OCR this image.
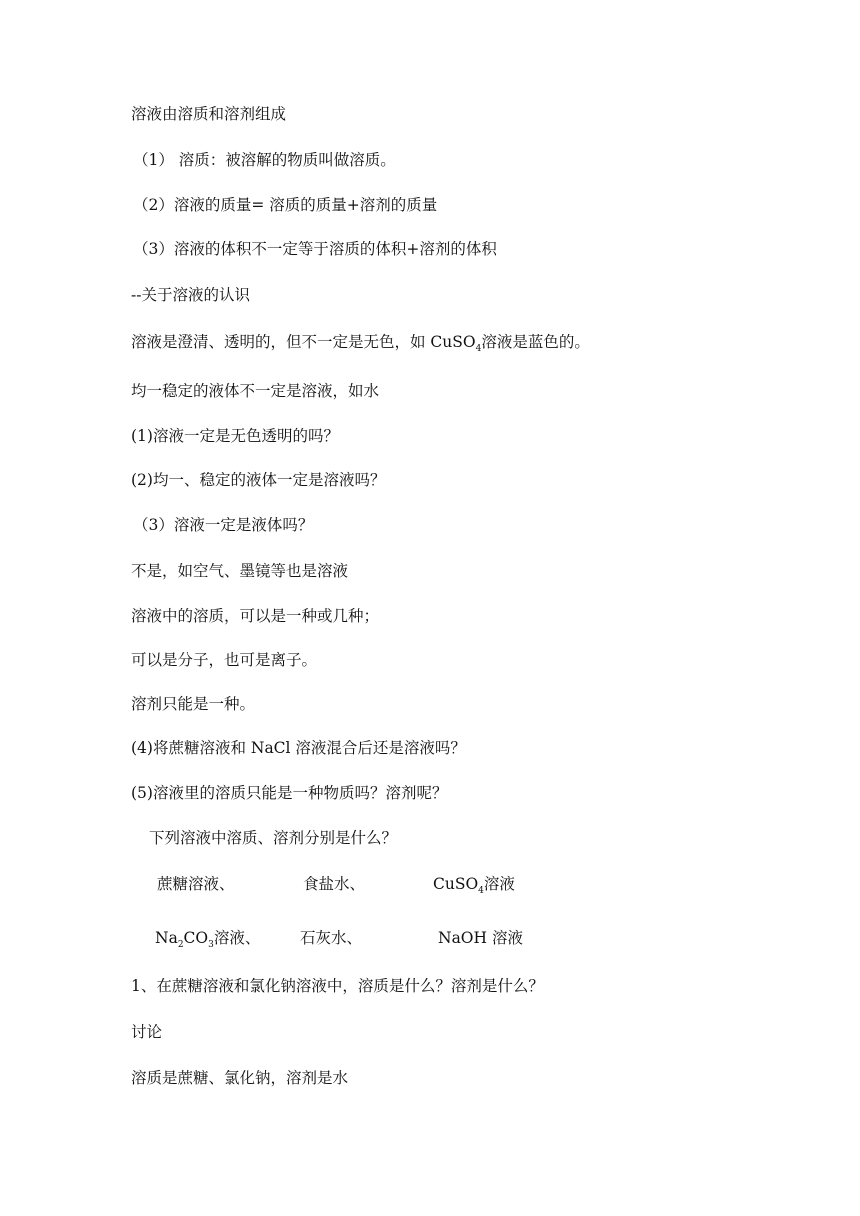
溶液由溶质和溶剂组成
（1） 溶质：被溶解的物质叫做溶质。
（2）溶液的质量= 溶质的质量+溶剂的质量
（3）溶液的体积不一定等于溶质的体积+溶剂的体积
--关于溶液的认识
溶液是澄清、透明的，但不一定是无色，如 CuSO$_4$溶液是蓝色的。
均一稳定的液体不一定是溶液，如水
(1)溶液一定是无色透明的吗？
(2)均一、稳定的液体一定是溶液吗？
（3）溶液一定是液体吗？
不是，如空气、墨镜等也是溶液
溶液中的溶质，可以是一种或几种；
可以是分子，也可是离子。
溶剂只能是一种。
(4)将蔗糖溶液和 NaCl 溶液混合后还是溶液吗？
(5)溶液里的溶质只能是一种物质吗？溶剂呢？
下列溶液中溶质、溶剂分别是什么？
蔗糖溶液、	食盐水、	CuSO$_4$溶液
$Na_2CO_3$溶液、	石灰水、	NaOH 溶液
1、在蔗糖溶液和氯化钠溶液中，溶质是什么？溶剂是什么？
讨论
溶质是蔗糖、氯化钠，溶剂是水
